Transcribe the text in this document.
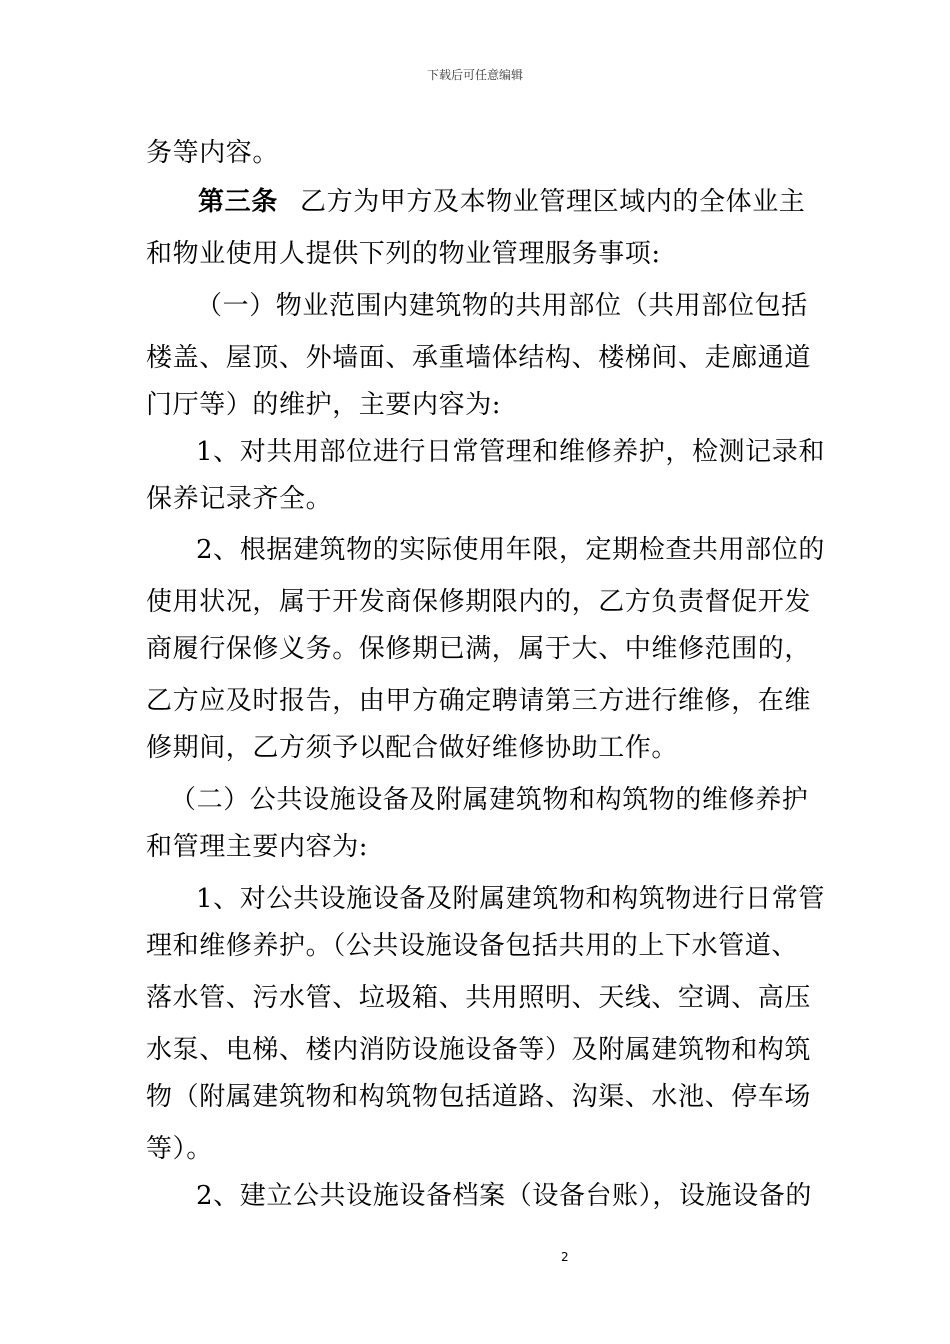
下载后可任意编辑
务等内容。
第三条 乙方为甲方及本物业管理区域内的全体业主
和物业使用人提供下列的物业管理服务事项:
（一）物业范围内建筑物的共用部位（共用部位包括
楼盖、屋顶、外墙面、承重墙体结构、楼梯间、走廊通道
门厅等）的维护，主要内容为:
1、对共用部位进行日常管理和维修养护，检测记录和
保养记录齐全。
2、根据建筑物的实际使用年限，定期检查共用部位的
使用状况，属于开发商保修期限内的，乙方负责督促开发
商履行保修义务。保修期已满，属于大、中维修范围的，
乙方应及时报告，由甲方确定聘请第三方进行维修，在维
修期间，乙方须予以配合做好维修协助工作。
（二）公共设施设备及附属建筑物和构筑物的维修养护
和管理主要内容为:
1、对公共设施设备及附属建筑物和构筑物进行日常管
理和维修养护。（公共设施设备包括共用的上下水管道、
落水管、污水管、垃圾箱、共用照明、天线、空调、高压
水泵、电梯、楼内消防设施设备等）及附属建筑物和构筑
物（附属建筑物和构筑物包括道路、沟渠、水池、停车场
等）。
2、建立公共设施设备档案（设备台账），设施设备的
2
